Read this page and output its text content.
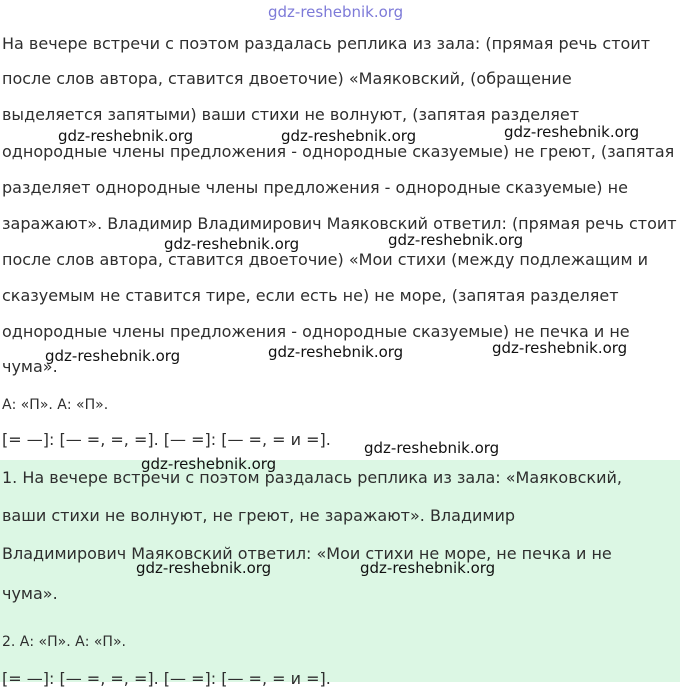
На вечере встречи с поэтом раздалась реплика из зала: (прямая речь стоит
после слов автора, ставится двоеточие) «Маяковский, (обращение
выделяется запятыми) ваши стихи не волнуют, (запятая разделяет
однородные члены предложения - однородные сказуемые) не греют, (запятая
разделяет однородные члены предложения - однородные сказуемые) не
заражают». Владимир Владимирович Маяковский ответил: (прямая речь стоит
после слов автора, ставится двоеточие) «Мои стихи (между подлежащим и
сказуемым не ставится тире, если есть не) не море, (запятая разделяет
однородные члены предложения - однородные сказуемые) не печка и не
чума».
А: «П». А: «П».
[= —]: [— =, =, =]. [— =]: [— =, = и =].
1. На вечере встречи с поэтом раздалась реплика из зала: «Маяковский,
ваши стихи не волнуют, не греют, не заражают». Владимир
Владимирович Маяковский ответил: «Мои стихи не море, не печка и не
чума».
2. А: «П». А: «П».
[= —]: [— =, =, =]. [— =]: [— =, = и =].
gdz-reshebnik.org
gdz-reshebnik.org	gdz-reshebnik.org	gdz-reshebnik.org
gdz-reshebnik.org	gdz-reshebnik.org
gdz-reshebnik.org	gdz-reshebnik.org	gdz-reshebnik.org
gdz-reshebnik.org
gdz-reshebnik.org
gdz-reshebnik.org	gdz-reshebnik.org
